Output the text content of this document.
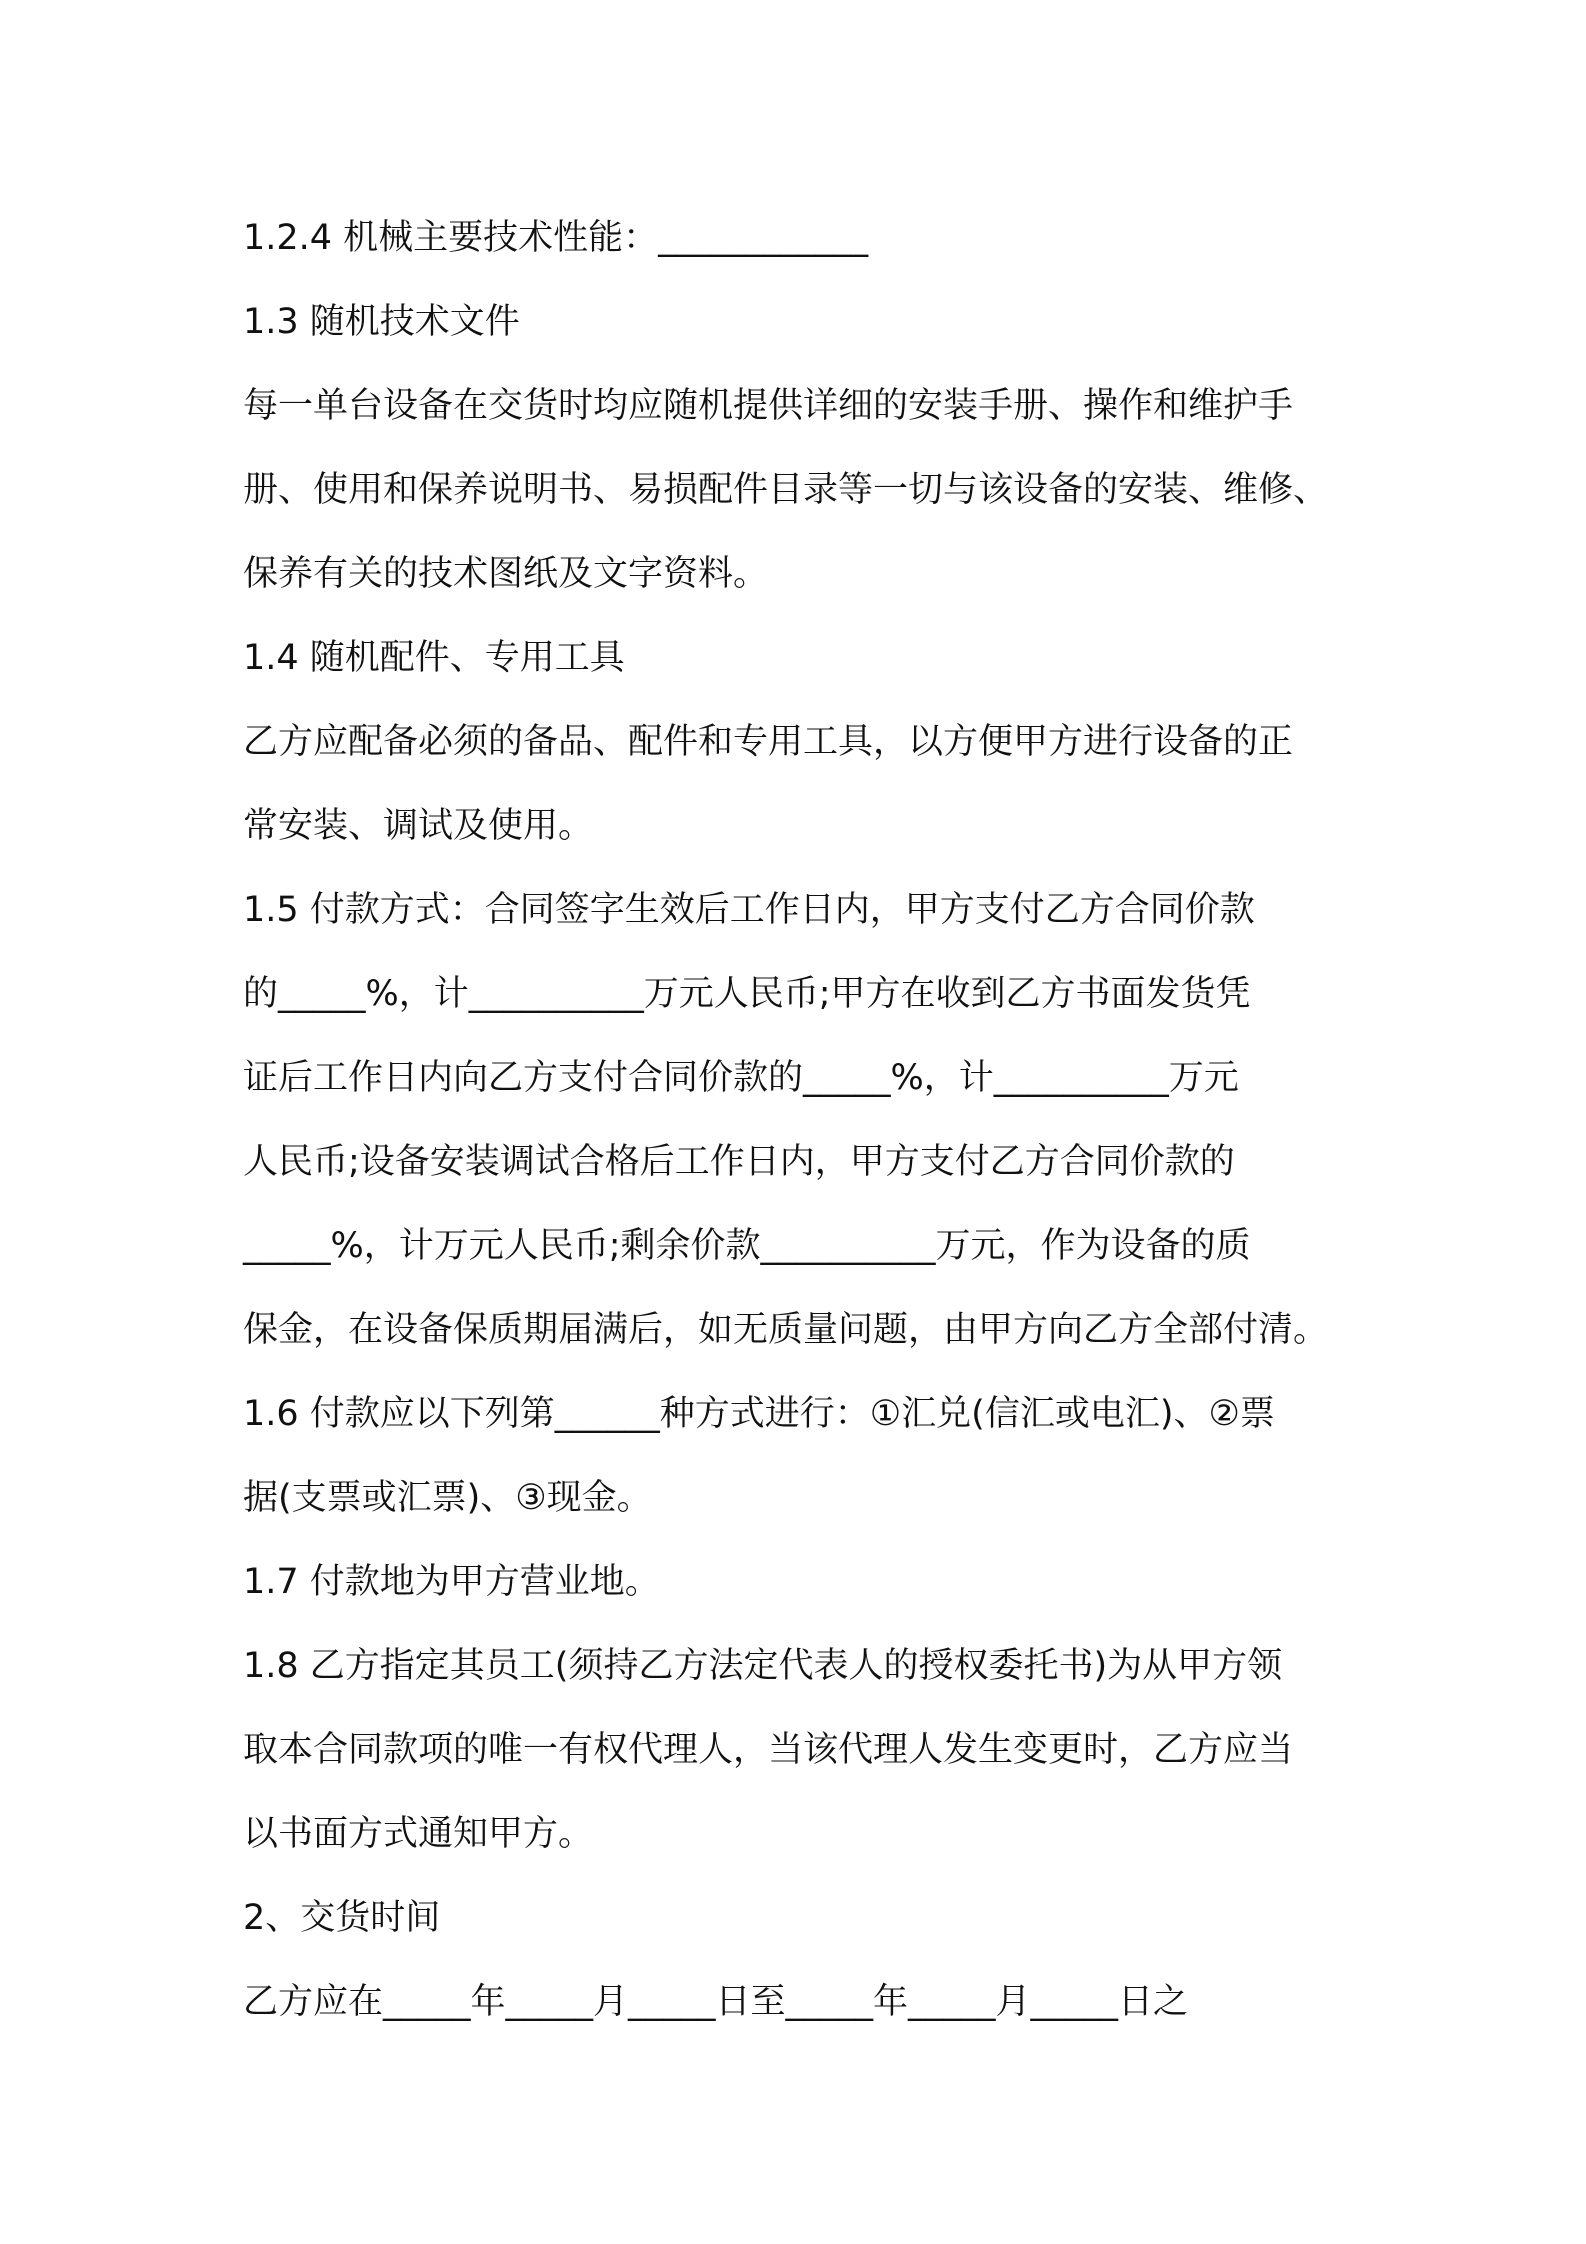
1.2.4 机械主要技术性能：____________
1.3 随机技术文件
每一单台设备在交货时均应随机提供详细的安装手册、操作和维护手
册、使用和保养说明书、易损配件目录等一切与该设备的安装、维修、
保养有关的技术图纸及文字资料。
1.4 随机配件、专用工具
乙方应配备必须的备品、配件和专用工具，以方便甲方进行设备的正
常安装、调试及使用。
1.5 付款方式：合同签字生效后工作日内，甲方支付乙方合同价款
的_____%，计__________万元人民币;甲方在收到乙方书面发货凭
证后工作日内向乙方支付合同价款的_____%，计__________万元
人民币;设备安装调试合格后工作日内，甲方支付乙方合同价款的
_____%，计万元人民币;剩余价款__________万元，作为设备的质
保金，在设备保质期届满后，如无质量问题，由甲方向乙方全部付清。
1.6 付款应以下列第______种方式进行：①汇兑(信汇或电汇)、②票
据(支票或汇票)、③现金。
1.7 付款地为甲方营业地。
1.8 乙方指定其员工(须持乙方法定代表人的授权委托书)为从甲方领
取本合同款项的唯一有权代理人，当该代理人发生变更时，乙方应当
以书面方式通知甲方。
2、交货时间
乙方应在_____年_____月_____日至_____年_____月_____日之
